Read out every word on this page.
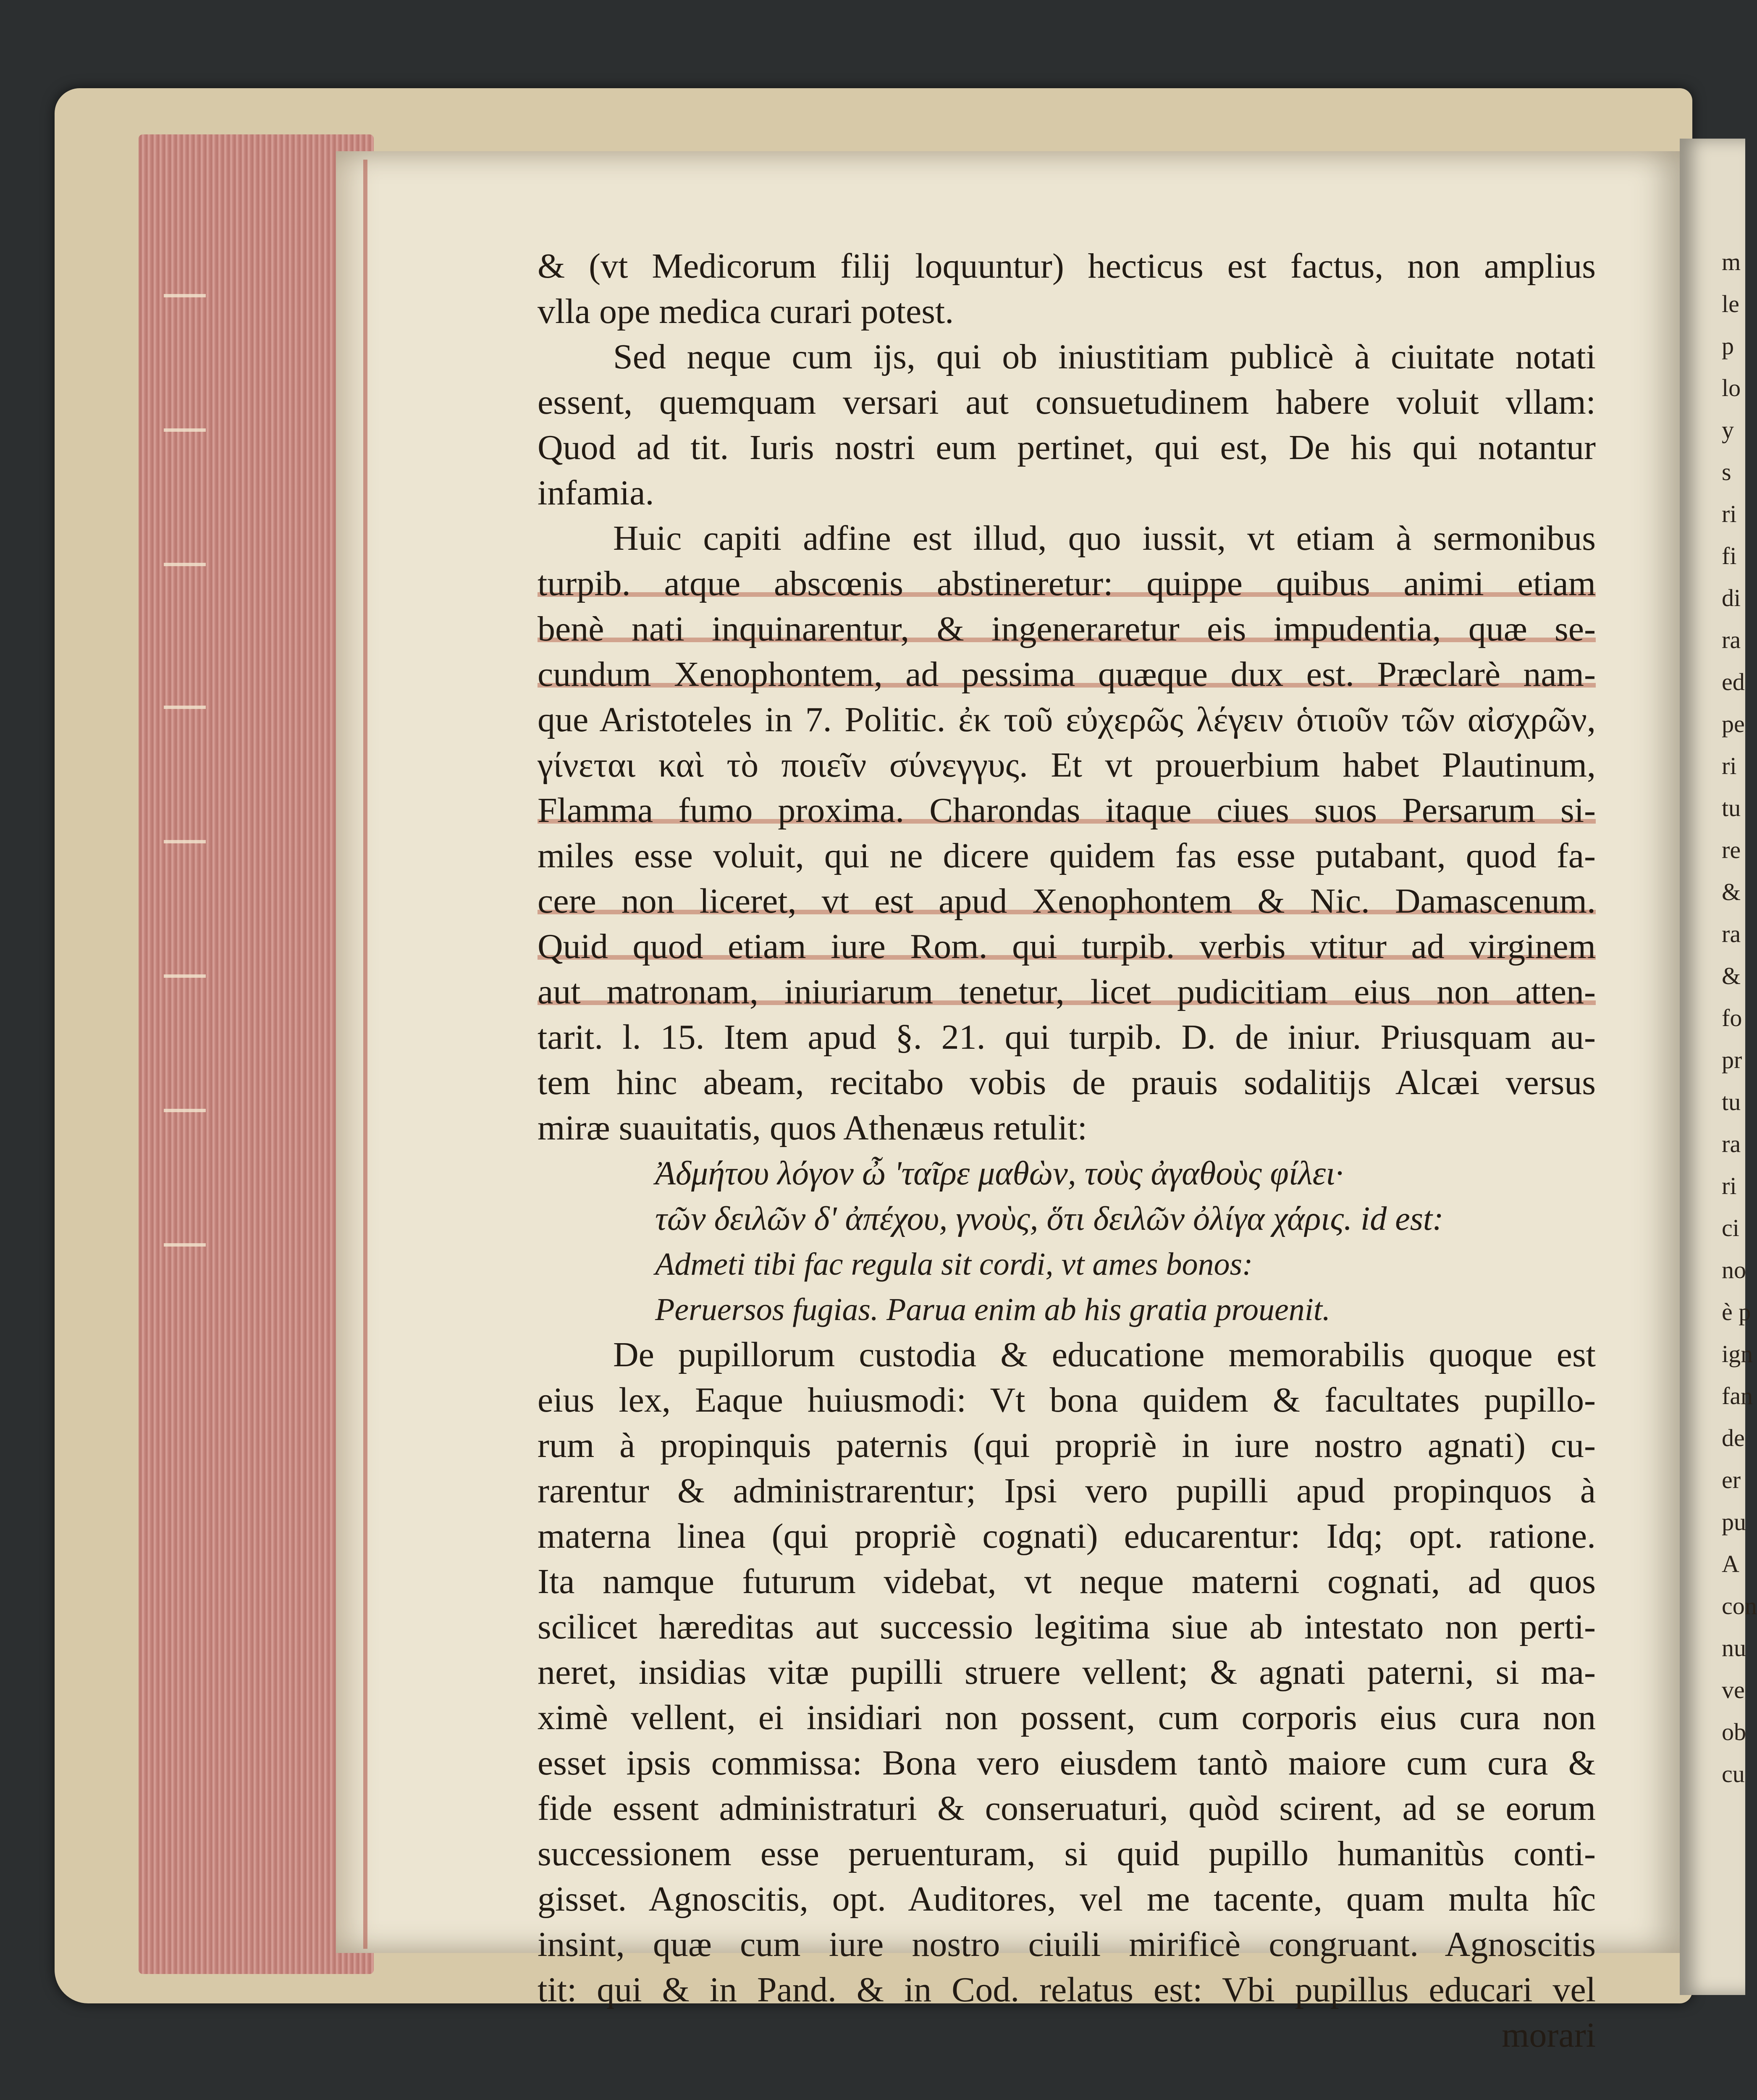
m
le
p
lo
y
s
ri
fi
di
ra
ed
pe
ri
tu
re
&
ra
&
fo
pr
tu
ra
ri
ci
no
è p
ign
fan
de
er
pu
A
con
nu
ve
ob
cu
& (vt Medicorum filij loquuntur) hecticus est factus, non amplius
vlla ope medica curari potest.
Sed neque cum ijs, qui ob iniustitiam publicè à ciuitate notati
essent, quemquam versari aut consuetudinem habere voluit vllam:
Quod ad tit. Iuris nostri eum pertinet, qui est, De his qui notantur
infamia.
Huic capiti adfine est illud, quo iussit, vt etiam à sermonibus
turpib. atque abscœnis abstineretur: quippe quibus animi etiam
benè nati inquinarentur, & ingeneraretur eis impudentia, quæ se-
cundum Xenophontem, ad pessima quæque dux est. Præclarè nam-
que Aristoteles in 7. Politic. ἐκ τοῦ εὐχερῶς λέγειν ὁτιοῦν τῶν αἰσχρῶν,
γίνεται καὶ τὸ ποιεῖν σύνεγγυς. Et vt prouerbium habet Plautinum,
Flamma fumo proxima. Charondas itaque ciues suos Persarum si-
miles esse voluit, qui ne dicere quidem fas esse putabant, quod fa-
cere non liceret, vt est apud Xenophontem & Nic. Damascenum.
Quid quod etiam iure Rom. qui turpib. verbis vtitur ad virginem
aut matronam, iniuriarum tenetur, licet pudicitiam eius non atten-
tarit. l. 15. Item apud §. 21. qui turpib. D. de iniur. Priusquam au-
tem hinc abeam, recitabo vobis de prauis sodalitijs Alcæi versus
miræ suauitatis, quos Athenæus retulit:
Ἀδμήτου λόγον ὦ 'ταῖρε μαθὼν, τοὺς ἀγαθοὺς φίλει·
τῶν δειλῶν δ' ἀπέχου, γνοὺς, ὅτι δειλῶν ὀλίγα χάρις. id est:
Admeti tibi fac regula sit cordi, vt ames bonos:
Peruersos fugias. Parua enim ab his gratia prouenit.
De pupillorum custodia & educatione memorabilis quoque est
eius lex, Eaque huiusmodi: Vt bona quidem & facultates pupillo-
rum à propinquis paternis (qui propriè in iure nostro agnati) cu-
rarentur & administrarentur; Ipsi vero pupilli apud propinquos à
materna linea (qui propriè cognati) educarentur: Idq; opt. ratione.
Ita namque futurum videbat, vt neque materni cognati, ad quos
scilicet hæreditas aut successio legitima siue ab intestato non perti-
neret, insidias vitæ pupilli struere vellent; & agnati paterni, si ma-
ximè vellent, ei insidiari non possent, cum corporis eius cura non
esset ipsis commissa: Bona vero eiusdem tantò maiore cum cura &
fide essent administraturi & conseruaturi, quòd scirent, ad se eorum
successionem esse peruenturam, si quid pupillo humanitùs conti-
gisset. Agnoscitis, opt. Auditores, vel me tacente, quam multa hîc
insint, quæ cum iure nostro ciuili mirificè congruant. Agnoscitis
tit: qui & in Pand. & in Cod. relatus est: Vbi pupillus educari vel
morari
